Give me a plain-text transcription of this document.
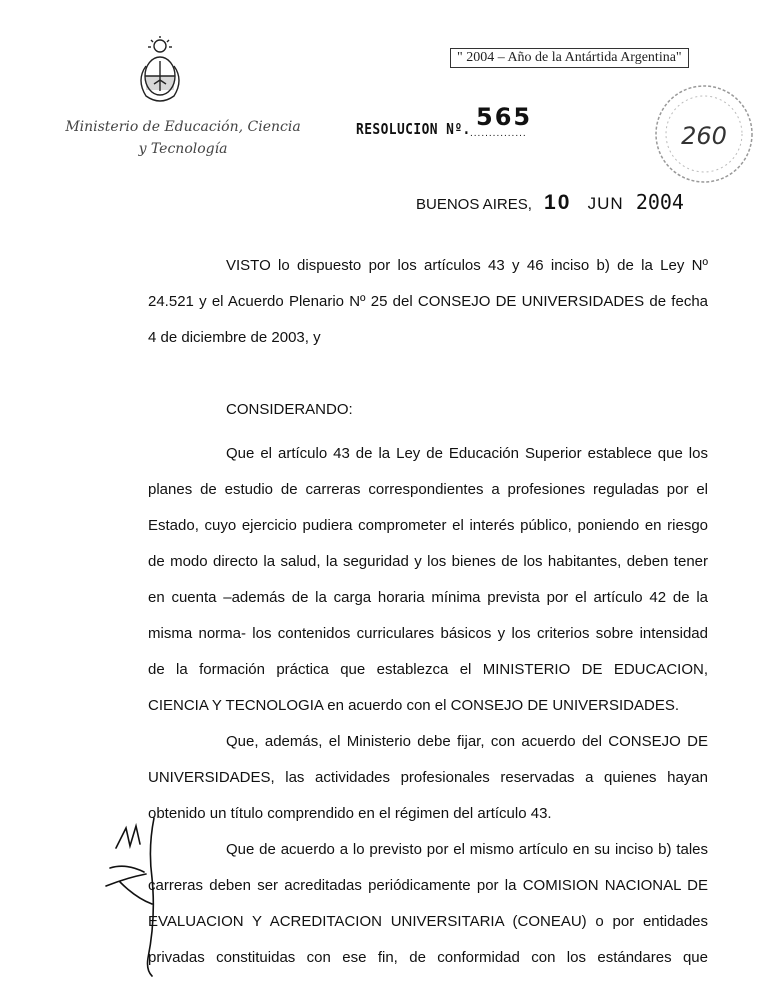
Ministerio de Educación, Ciencia
y Tecnología
" 2004 – Año de la Antártida Argentina"
RESOLUCION Nº. ...............
565
260
BUENOS AIRES, 10 JUN 2004

VISTO lo dispuesto por los artículos 43 y 46 inciso b) de la Ley Nº

24.521 y el Acuerdo Plenario Nº 25 del CONSEJO DE UNIVERSIDADES de fecha

4 de diciembre de 2003, y

CONSIDERANDO:

Que el artículo 43 de la Ley de Educación Superior establece que los

planes de estudio de carreras correspondientes a profesiones reguladas por el

Estado, cuyo ejercicio pudiera comprometer el interés público, poniendo en riesgo

de modo directo la salud, la seguridad y los bienes de los habitantes, deben tener

en cuenta –además de la carga horaria mínima prevista por el artículo 42 de la

misma norma- los contenidos curriculares básicos y los criterios sobre intensidad

de la formación práctica que establezca el MINISTERIO DE EDUCACION,

CIENCIA Y TECNOLOGIA en acuerdo con el CONSEJO DE UNIVERSIDADES.

Que, además, el Ministerio debe fijar, con acuerdo del CONSEJO DE

UNIVERSIDADES, las actividades profesionales reservadas a quienes hayan

obtenido un título comprendido en el régimen del artículo 43.

Que de acuerdo a lo previsto por el mismo artículo en su inciso b) tales

carreras deben ser acreditadas periódicamente por la COMISION NACIONAL DE

EVALUACION Y ACREDITACION UNIVERSITARIA (CONEAU) o por entidades

privadas constituidas con ese fin, de conformidad con los estándares que
